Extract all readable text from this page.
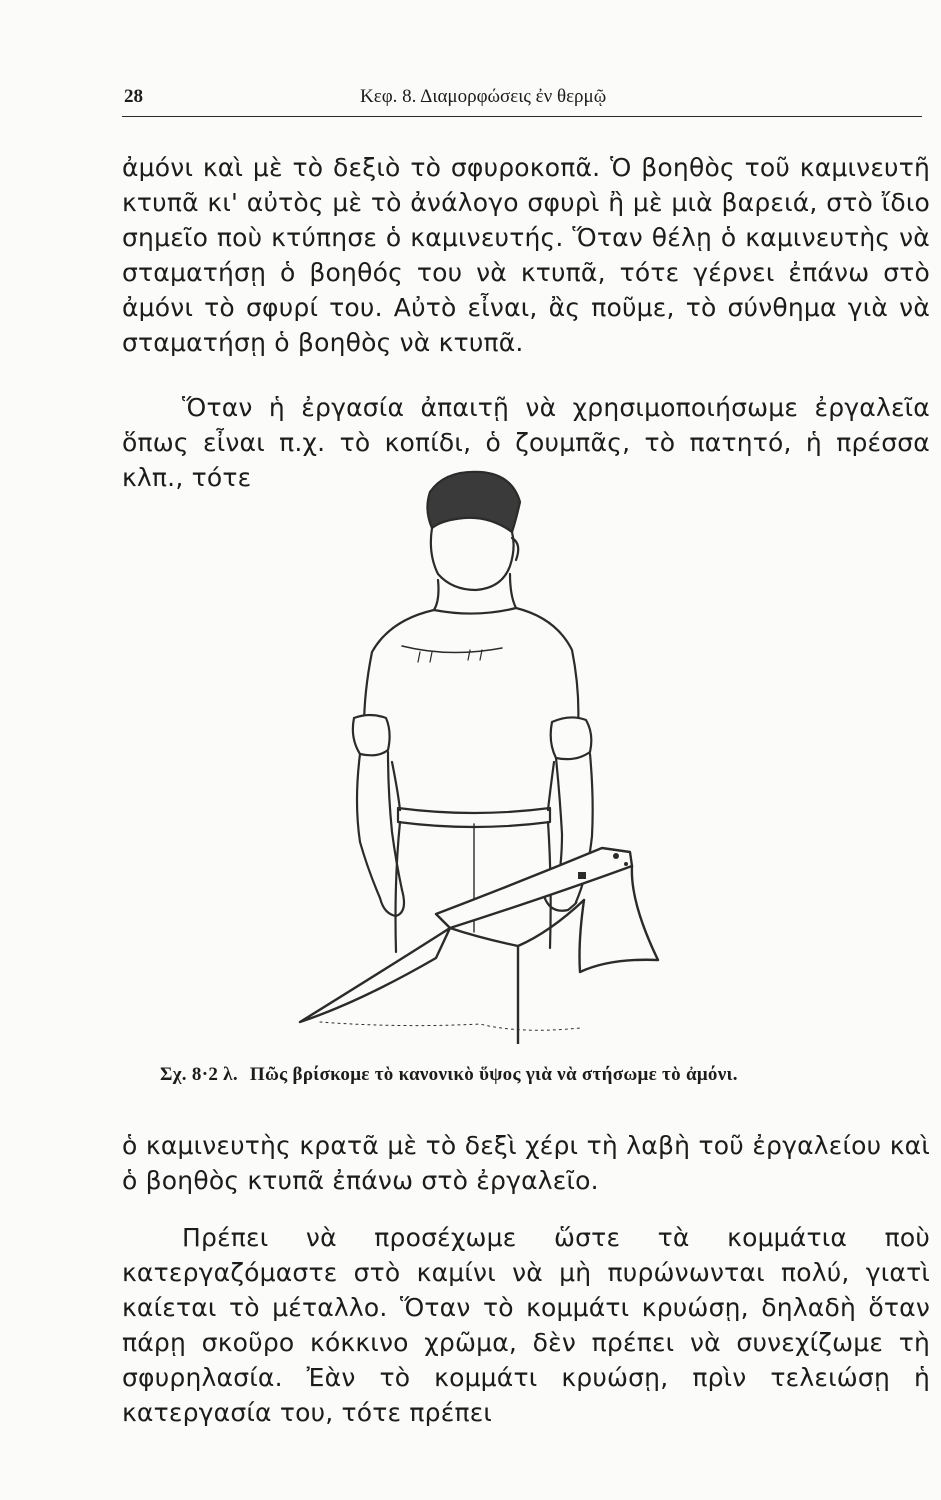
28	Κεφ. 8. Διαμορφώσεις ἐν θερμῷ

ἀμόνι καὶ μὲ τὸ δεξιὸ τὸ σφυροκοπᾶ. Ὁ βοηθὸς τοῦ καμινευτῆ κτυπᾶ κι' αὐτὸς μὲ τὸ ἀνάλογο σφυρὶ ἢ μὲ μιὰ βαρειά, στὸ ἴδιο σημεῖο ποὺ κτύπησε ὁ καμινευτής. Ὅταν θέλῃ ὁ καμινευτὴς νὰ σταματήσῃ ὁ βοηθός του νὰ κτυπᾶ, τότε γέρνει ἐπάνω στὸ ἀμόνι τὸ σφυρί του. Αὐτὸ εἶναι, ἂς ποῦμε, τὸ σύνθημα γιὰ νὰ σταματήσῃ ὁ βοηθὸς νὰ κτυπᾶ.

Ὅταν ἡ ἐργασία ἀπαιτῇ νὰ χρησιμοποιήσωμε ἐργαλεῖα ὅπως εἶναι π.χ. τὸ κοπίδι, ὁ ζουμπᾶς, τὸ πατητό, ἡ πρέσσα κλπ., τότε

Σχ. 8·2 λ. Πῶς βρίσκομε τὸ κανονικὸ ὕψος γιὰ νὰ στήσωμε τὸ ἀμόνι.

ὁ καμινευτὴς κρατᾶ μὲ τὸ δεξὶ χέρι τὴ λαβὴ τοῦ ἐργαλείου καὶ ὁ βοηθὸς κτυπᾶ ἐπάνω στὸ ἐργαλεῖο.

Πρέπει νὰ προσέχωμε ὥστε τὰ κομμάτια ποὺ κατεργαζόμαστε στὸ καμίνι νὰ μὴ πυρώνωνται πολύ, γιατὶ καίεται τὸ μέταλλο. Ὅταν τὸ κομμάτι κρυώσῃ, δηλαδὴ ὅταν πάρῃ σκοῦρο κόκκινο χρῶμα, δὲν πρέπει νὰ συνεχίζωμε τὴ σφυρηλασία. Ἐὰν τὸ κομμάτι κρυώσῃ, πρὶν τελειώσῃ ἡ κατεργασία του, τότε πρέπει
